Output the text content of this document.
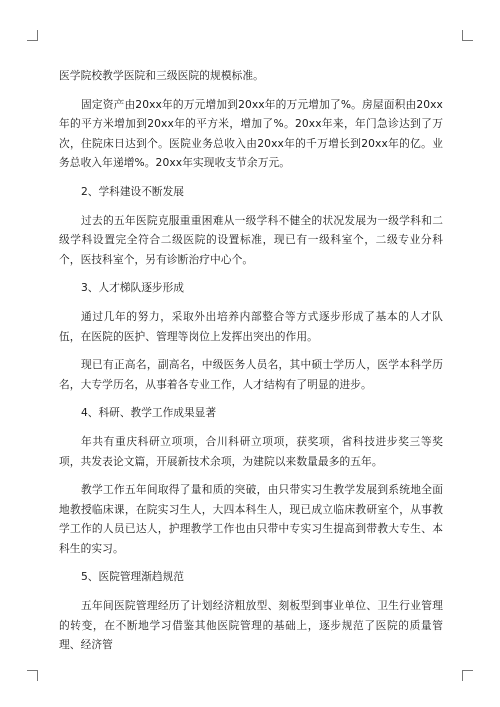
医学院校教学医院和三级医院的规模标准。

固定资产由20xx年的万元增加到20xx年的万元增加了%。房屋面积由20xx年的平方米增加到20xx年的平方米，增加了%。20xx年来，年门急诊达到了万次，住院床日达到个。医院业务总收入由20xx年的千万增长到20xx年的亿。业务总收入年递增%。20xx年实现收支节余万元。

2、学科建设不断发展

过去的五年医院克服重重困难从一级学科不健全的状况发展为一级学科和二级学科设置完全符合二级医院的设置标准，现已有一级科室个，二级专业分科个，医技科室个，另有诊断治疗中心个。

3、人才梯队逐步形成

通过几年的努力，采取外出培养内部整合等方式逐步形成了基本的人才队伍，在医院的医护、管理等岗位上发挥出突出的作用。

现已有正高名，副高名，中级医务人员名，其中硕士学历人，医学本科学历名，大专学历名，从事着各专业工作，人才结构有了明显的进步。

4、科研、教学工作成果显著

年共有重庆科研立项项，合川科研立项项，获奖项，省科技进步奖三等奖项，共发表论文篇，开展新技术余项，为建院以来数量最多的五年。

教学工作五年间取得了量和质的突破，由只带实习生教学发展到系统地全面地教授临床课，在院实习生人，大四本科生人，现已成立临床教研室个，从事教学工作的人员已达人，护理教学工作也由只带中专实习生提高到带教大专生、本科生的实习。

5、医院管理渐趋规范

五年间医院管理经历了计划经济粗放型、刻板型到事业单位、卫生行业管理的转变，在不断地学习借鉴其他医院管理的基础上，逐步规范了医院的质量管理、经济管
